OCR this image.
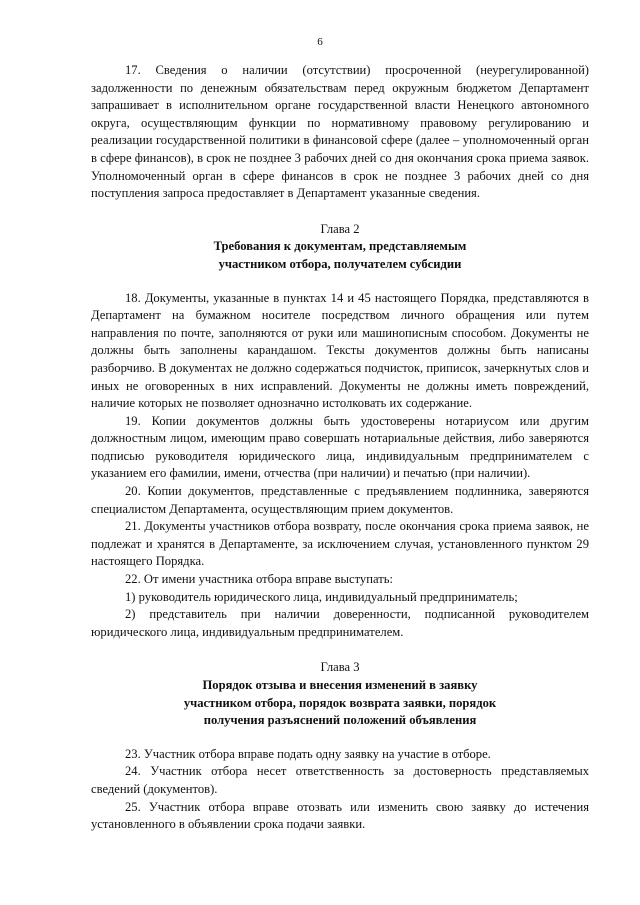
6

17. Сведения о наличии (отсутствии) просроченной (неурегулированной) задолженности по денежным обязательствам перед окружным бюджетом Департамент запрашивает в исполнительном органе государственной власти Ненецкого автономного округа, осуществляющим функции по нормативному правовому регулированию и реализации государственной политики в финансовой сфере (далее – уполномоченный орган в сфере финансов), в срок не позднее 3 рабочих дней со дня окончания срока приема заявок. Уполномоченный орган в сфере финансов в срок не позднее 3 рабочих дней со дня поступления запроса предоставляет в Департамент указанные сведения.

Глава 2

Требования к документам, представляемым

участником отбора, получателем субсидии

18. Документы, указанные в пунктах 14 и 45 настоящего Порядка, представляются в Департамент на бумажном носителе посредством личного обращения или путем направления по почте, заполняются от руки или машинописным способом. Документы не должны быть заполнены карандашом. Тексты документов должны быть написаны разборчиво. В документах не должно содержаться подчисток, приписок, зачеркнутых слов и иных не оговоренных в них исправлений. Документы не должны иметь повреждений, наличие которых не позволяет однозначно истолковать их содержание.

19. Копии документов должны быть удостоверены нотариусом или другим должностным лицом, имеющим право совершать нотариальные действия, либо заверяются подписью руководителя юридического лица, индивидуальным предпринимателем с указанием его фамилии, имени, отчества (при наличии) и печатью (при наличии).

20. Копии документов, представленные с предъявлением подлинника, заверяются специалистом Департамента, осуществляющим прием документов.

21. Документы участников отбора возврату, после окончания срока приема заявок, не подлежат и хранятся в Департаменте, за исключением случая, установленного пунктом 29 настоящего Порядка.

22. От имени участника отбора вправе выступать:

1) руководитель юридического лица, индивидуальный предприниматель;

2) представитель при наличии доверенности, подписанной руководителем юридического лица, индивидуальным предпринимателем.

Глава 3

Порядок отзыва и внесения изменений в заявку

участником отбора, порядок возврата заявки, порядок

получения разъяснений положений объявления

23. Участник отбора вправе подать одну заявку на участие в отборе.

24. Участник отбора несет ответственность за достоверность представляемых сведений (документов).

25. Участник отбора вправе отозвать или изменить свою заявку до истечения установленного в объявлении срока подачи заявки.
